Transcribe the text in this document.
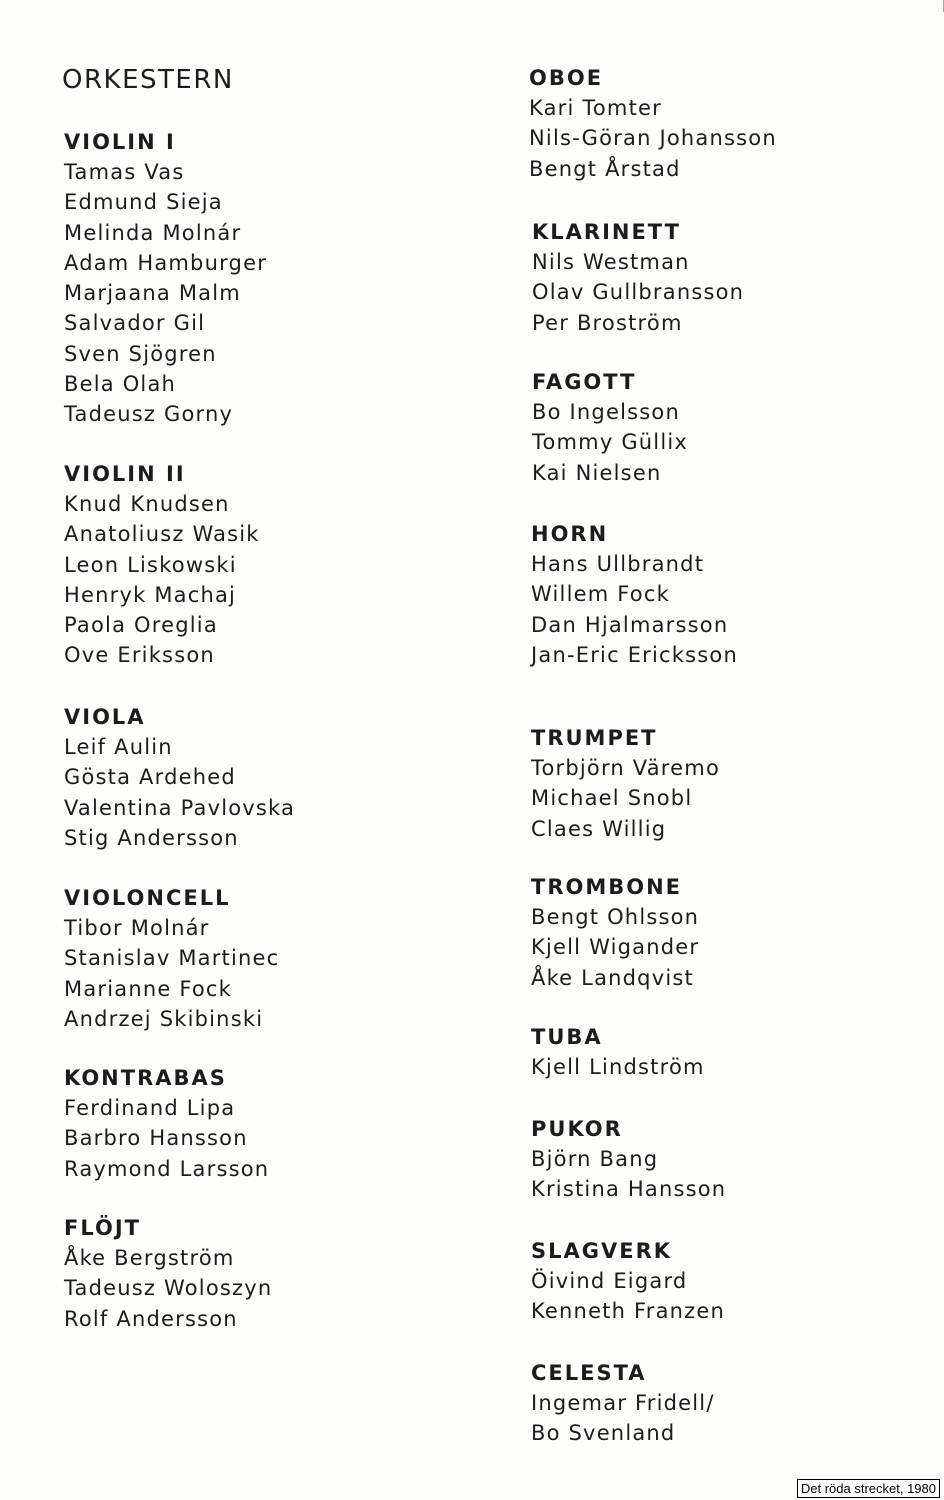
ORKESTERN
VIOLIN I

Tamas Vas

Edmund Sieja

Melinda Molnár

Adam Hamburger

Marjaana Malm

Salvador Gil

Sven Sjögren

Bela Olah

Tadeusz Gorny

VIOLIN II

Knud Knudsen

Anatoliusz Wasik

Leon Liskowski

Henryk Machaj

Paola Oreglia

Ove Eriksson

VIOLA

Leif Aulin

Gösta Ardehed

Valentina Pavlovska

Stig Andersson

VIOLONCELL

Tibor Molnár

Stanislav Martinec

Marianne Fock

Andrzej Skibinski

KONTRABAS

Ferdinand Lipa

Barbro Hansson

Raymond Larsson

FLÖJT

Åke Bergström

Tadeusz Woloszyn

Rolf Andersson

OBOE

Kari Tomter

Nils-Göran Johansson

Bengt Årstad

KLARINETT

Nils Westman

Olav Gullbransson

Per Broström

FAGOTT

Bo Ingelsson

Tommy Güllix

Kai Nielsen

HORN

Hans Ullbrandt

Willem Fock

Dan Hjalmarsson

Jan-Eric Ericksson

TRUMPET

Torbjörn Väremo

Michael Snobl

Claes Willig

TROMBONE

Bengt Ohlsson

Kjell Wigander

Åke Landqvist

TUBA

Kjell Lindström

PUKOR

Björn Bang

Kristina Hansson

SLAGVERK

Öivind Eigard

Kenneth Franzen

CELESTA

Ingemar Fridell/

Bo Svenland

Det röda strecket, 1980
